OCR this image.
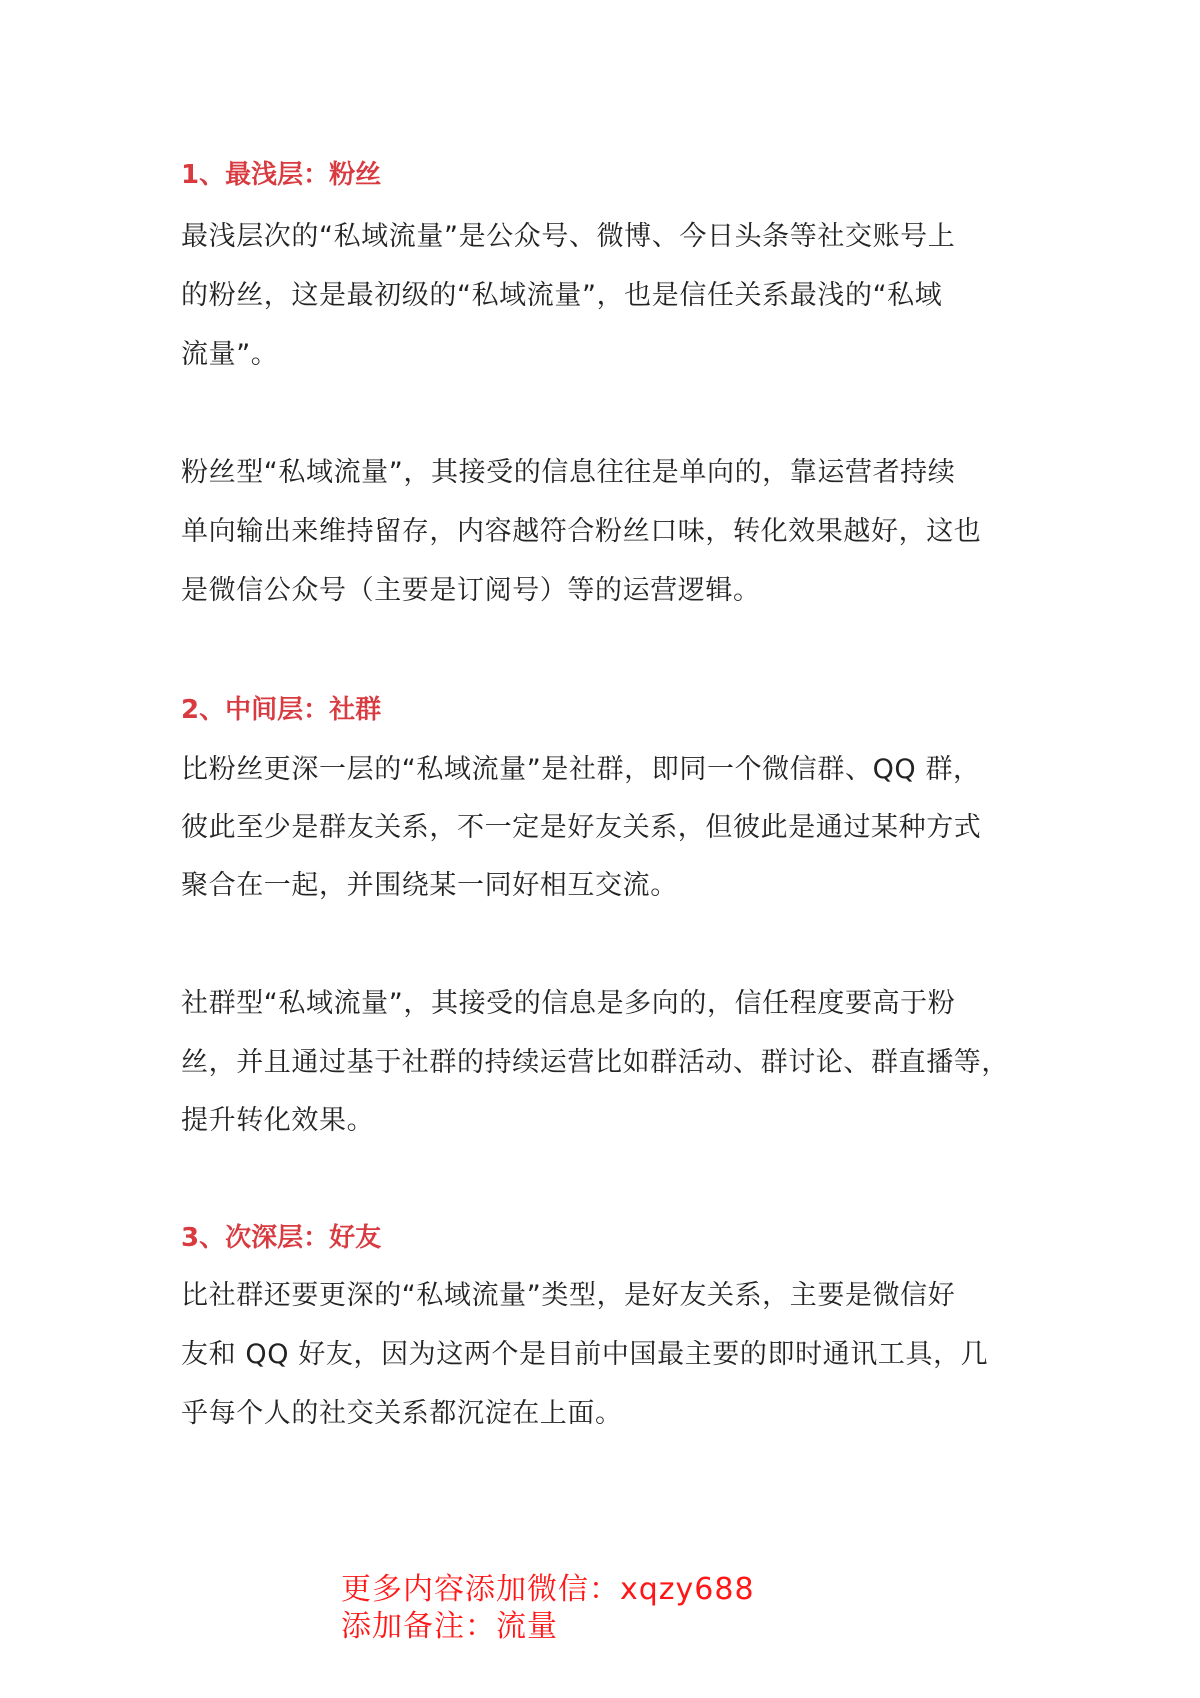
1、最浅层：粉丝
最浅层次的“私域流量”是公众号、微博、今日头条等社交账号上
的粉丝，这是最初级的“私域流量”，也是信任关系最浅的“私域
流量”。
粉丝型“私域流量”，其接受的信息往往是单向的，靠运营者持续
单向输出来维持留存，内容越符合粉丝口味，转化效果越好，这也
是微信公众号（主要是订阅号）等的运营逻辑。
2、中间层：社群
比粉丝更深一层的“私域流量”是社群，即同一个微信群、QQ 群，
彼此至少是群友关系，不一定是好友关系，但彼此是通过某种方式
聚合在一起，并围绕某一同好相互交流。
社群型“私域流量”，其接受的信息是多向的，信任程度要高于粉
丝，并且通过基于社群的持续运营比如群活动、群讨论、群直播等，
提升转化效果。
3、次深层：好友
比社群还要更深的“私域流量”类型，是好友关系，主要是微信好
友和 QQ 好友，因为这两个是目前中国最主要的即时通讯工具，几
乎每个人的社交关系都沉淀在上面。
更多内容添加微信：xqzy688
添加备注：流量
